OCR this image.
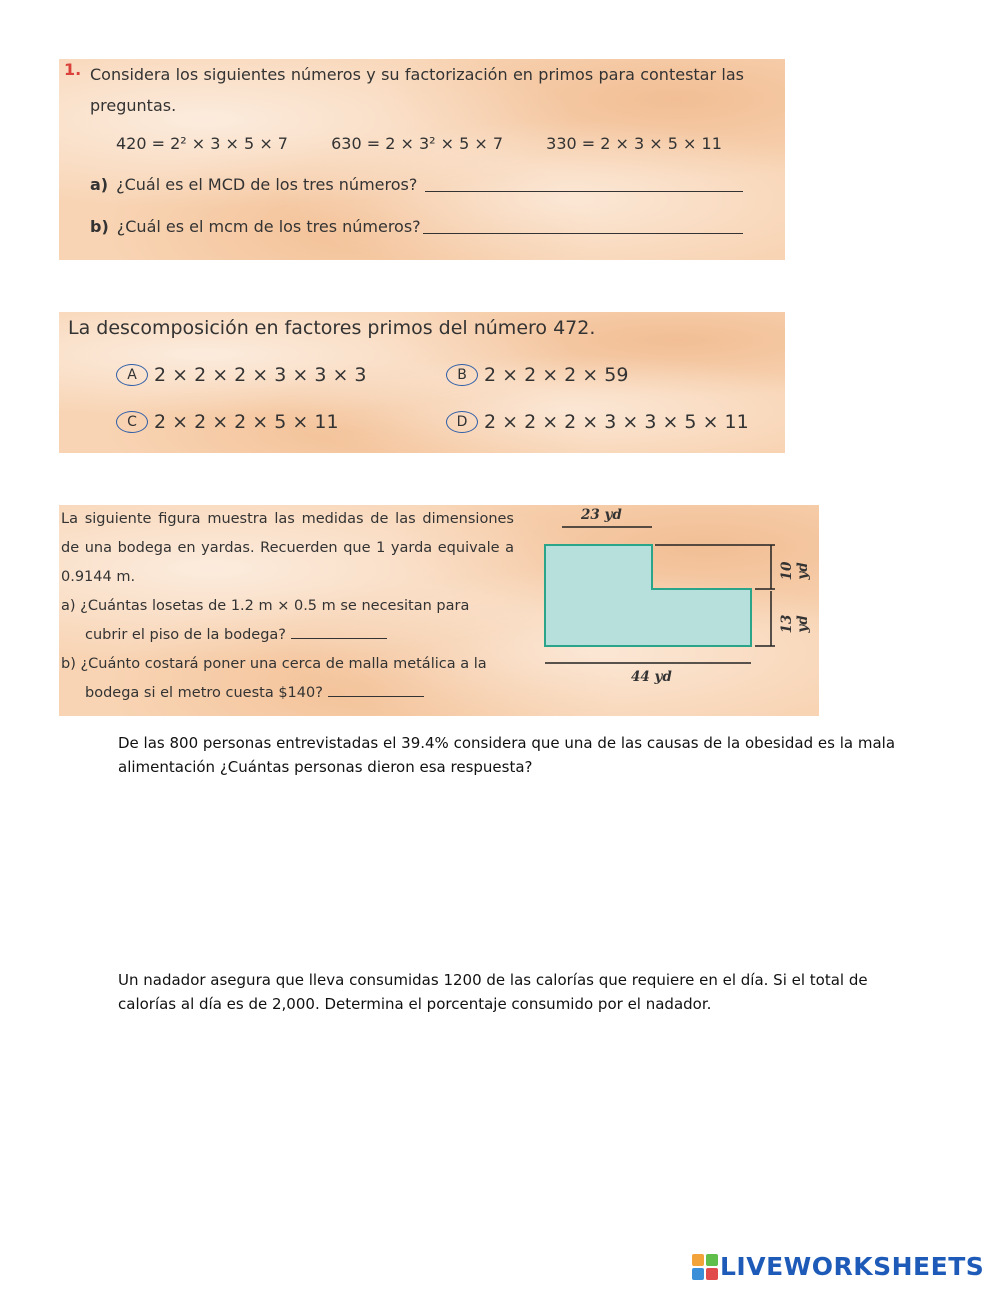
1. Considera los siguientes números y su factorización en primos para contestar las preguntas.
420 = 2² × 3 × 5 × 7	630 = 2 × 3² × 5 × 7	330 = 2 × 3 × 5 × 11
a) ¿Cuál es el MCD de los tres números?
b) ¿Cuál es el mcm de los tres números?
La descomposición en factores primos del número 472.
A 2 × 2 × 2 × 3 × 3 × 3	B 2 × 2 × 2 × 59
C 2 × 2 × 2 × 5 × 11	D 2 × 2 × 2 × 3 × 3 × 5 × 11
La siguiente figura muestra las medidas de las dimensiones de una bodega en yardas. Recuerden que 1 yarda equivale a 0.9144 m.
a) ¿Cuántas losetas de 1.2 m × 0.5 m se necesitan para cubrir el piso de la bodega?
b) ¿Cuánto costará poner una cerca de malla metálica a la bodega si el metro cuesta $140?
23 yd
44 yd
10 yd
13 yd
De las 800 personas entrevistadas el 39.4% considera que una de las causas de la obesidad es la mala alimentación ¿Cuántas personas dieron esa respuesta?
Un nadador asegura que lleva consumidas 1200 de las calorías que requiere en el día. Si el total de calorías al día es de 2,000. Determina el porcentaje consumido por el nadador.
LIVEWORKSHEETS
